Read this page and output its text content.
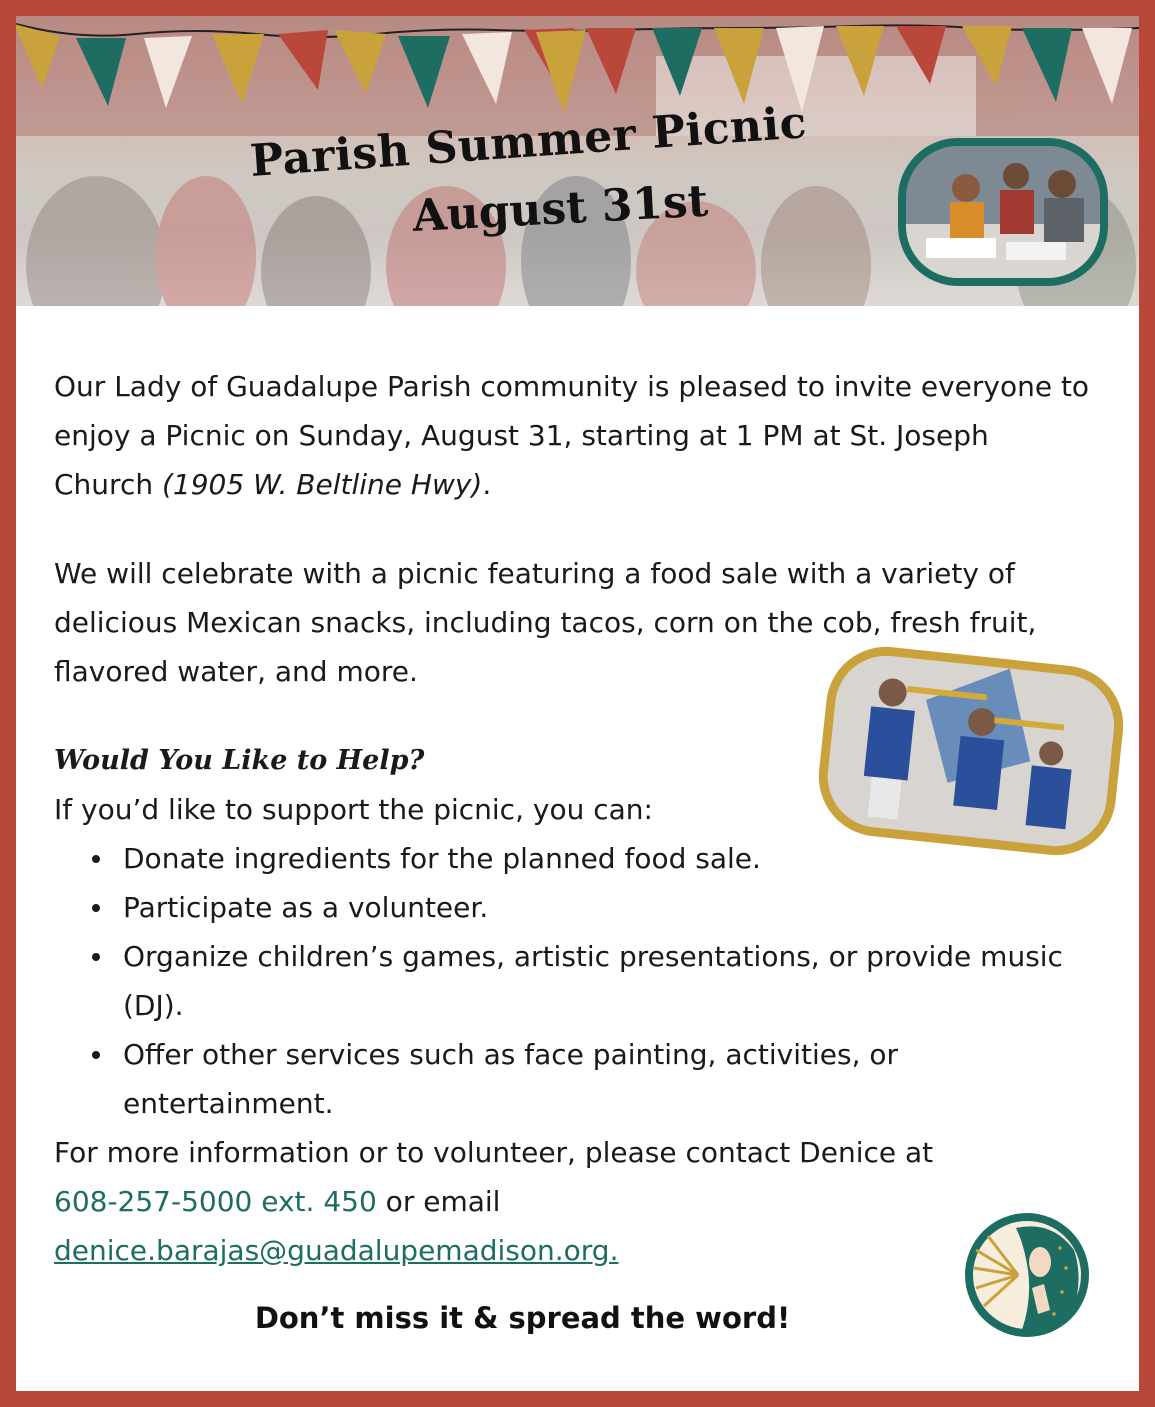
Parish Summer Picnic
August 31st

Our Lady of Guadalupe Parish community is pleased to invite everyone to enjoy a Picnic on Sunday, August 31, starting at 1 PM at St. Joseph Church (1905 W. Beltline Hwy).

We will celebrate with a picnic featuring a food sale with a variety of delicious Mexican snacks, including tacos, corn on the cob, fresh fruit, flavored water, and more.

Would You Like to Help?

If you’d like to support the picnic, you can:

Donate ingredients for the planned food sale.
Participate as a volunteer.
Organize children’s games, artistic presentations, or provide music (DJ).
Offer other services such as face painting, activities, or entertainment.

For more information or to volunteer, please contact Denice at

608-257-5000 ext. 450 or email

denice.barajas@guadalupemadison.org.

Don’t miss it & spread the word!
